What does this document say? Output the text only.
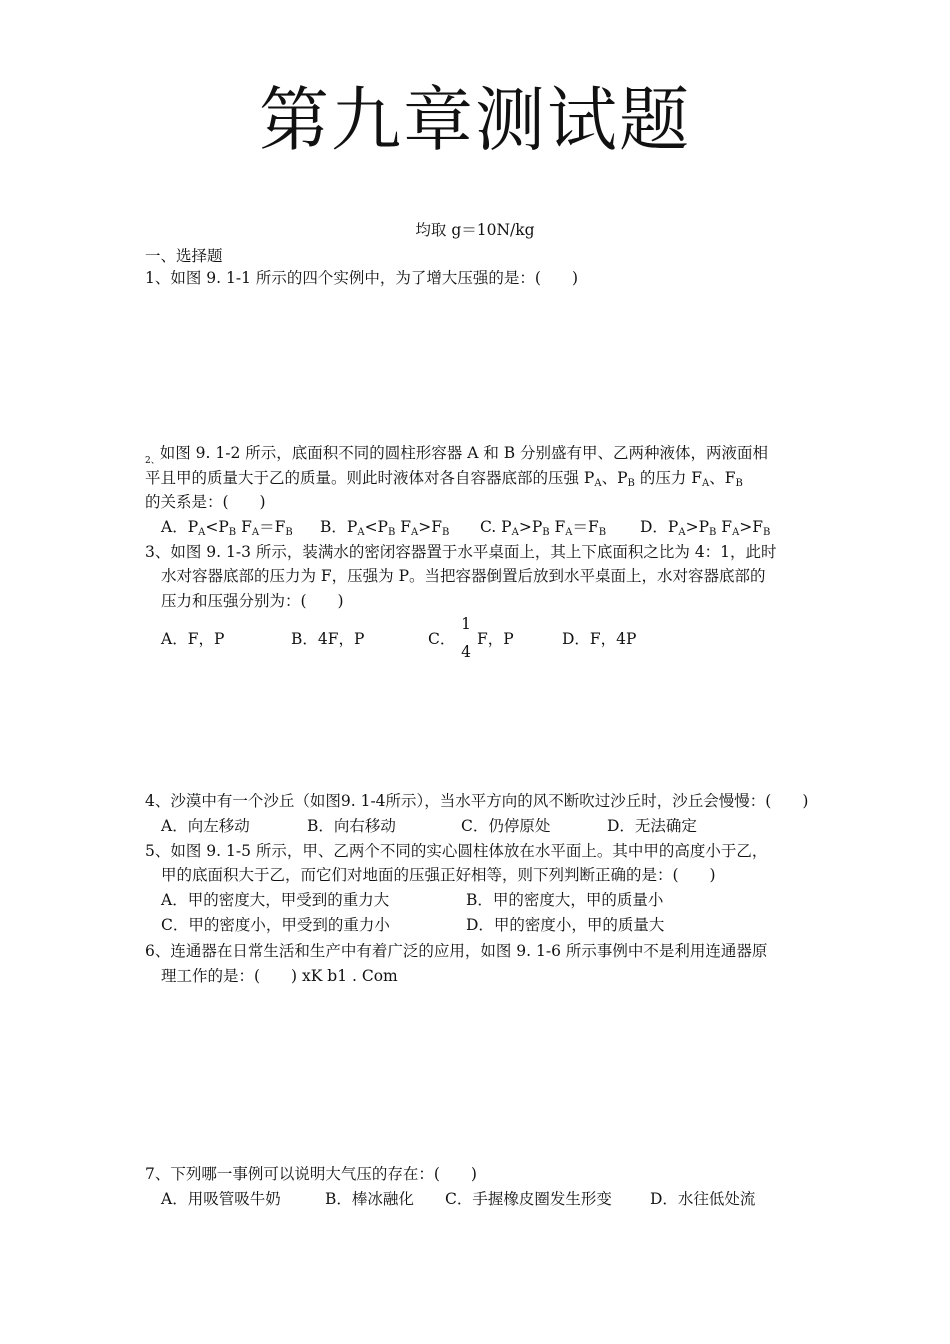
第九章测试题
均取 g＝10N/kg
一、选择题
1、如图 9. 1-1 所示的四个实例中，为了增大压强的是：(　　)
$_{2、}$如图 9. 1-2 所示，底面积不同的圆柱形容器 A 和 B 分别盛有甲、乙两种液体，两液面相
平且甲的质量大于乙的质量。则此时液体对各自容器底部的压强 $P_A$、$P_B$ 的压力 $F_A$、$F_B$
的关系是：(　　)
A．$P_A<P_B$ $F_A=F_B$ B．$P_A<P_B$ $F_A>F_B$ C. $P_A>P_B$ $F_A=F_B$ D．$P_A>P_B$ $F_A>F_B$
3、如图 9. 1-3 所示，装满水的密闭容器置于水平桌面上，其上下底面积之比为 4：1，此时
水对容器底部的压力为 F，压强为 P。当把容器倒置后放到水平桌面上，水对容器底部的
压力和压强分别为：(　　)
A．F，P	B．4F，P	C．
1
4
F，P	D．F，4P
4、沙漠中有一个沙丘（如图9. 1-4所示），当水平方向的风不断吹过沙丘时，沙丘会慢慢：(　　)
A．向左移动	B．向右移动	C．仍停原处	D．无法确定
5、如图 9. 1-5 所示，甲、乙两个不同的实心圆柱体放在水平面上。其中甲的高度小于乙，
甲的底面积大于乙，而它们对地面的压强正好相等，则下列判断正确的是：(　　)
A．甲的密度大，甲受到的重力大	B．甲的密度大，甲的质量小
C．甲的密度小，甲受到的重力小	D．甲的密度小，甲的质量大
6、连通器在日常生活和生产中有着广泛的应用，如图 9. 1-6 所示事例中不是利用连通器原
理工作的是：(　　) xK b1 . Com
7、下列哪一事例可以说明大气压的存在：(　　)
A．用吸管吸牛奶	B．棒冰融化 C．手握橡皮圈发生形变 D．水往低处流
